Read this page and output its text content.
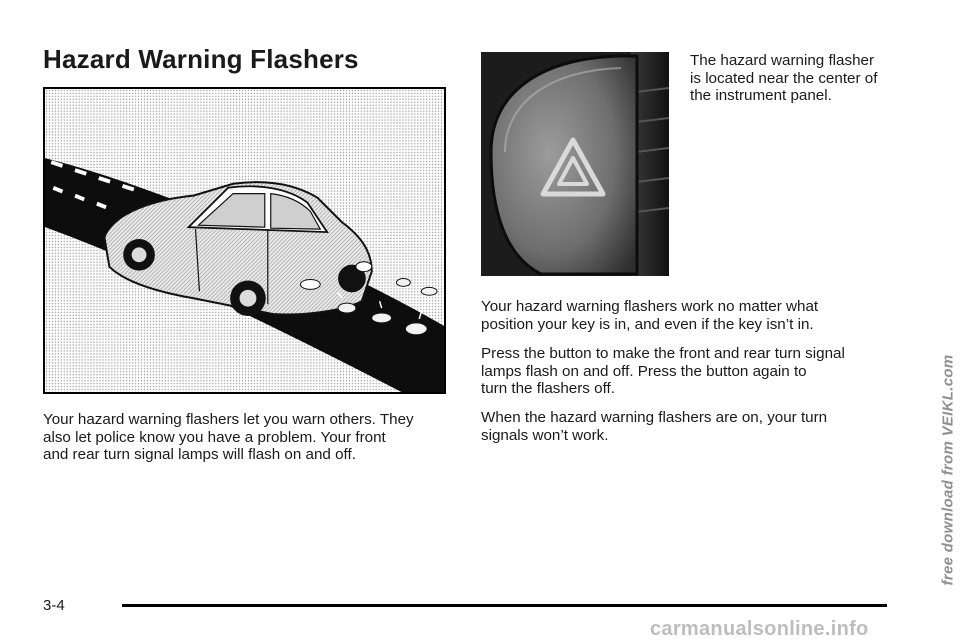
Hazard Warning Flashers

Your hazard warning flashers let you warn others. They
also let police know you have a problem. Your front
and rear turn signal lamps will flash on and off.

The hazard warning flasher
is located near the center of
the instrument panel.

Your hazard warning flashers work no matter what
position your key is in, and even if the key isn’t in.

Press the button to make the front and rear turn signal
lamps flash on and off. Press the button again to
turn the flashers off.

When the hazard warning flashers are on, your turn
signals won’t work.

3-4

free download from VEIKL.com
carmanualsonline.info
